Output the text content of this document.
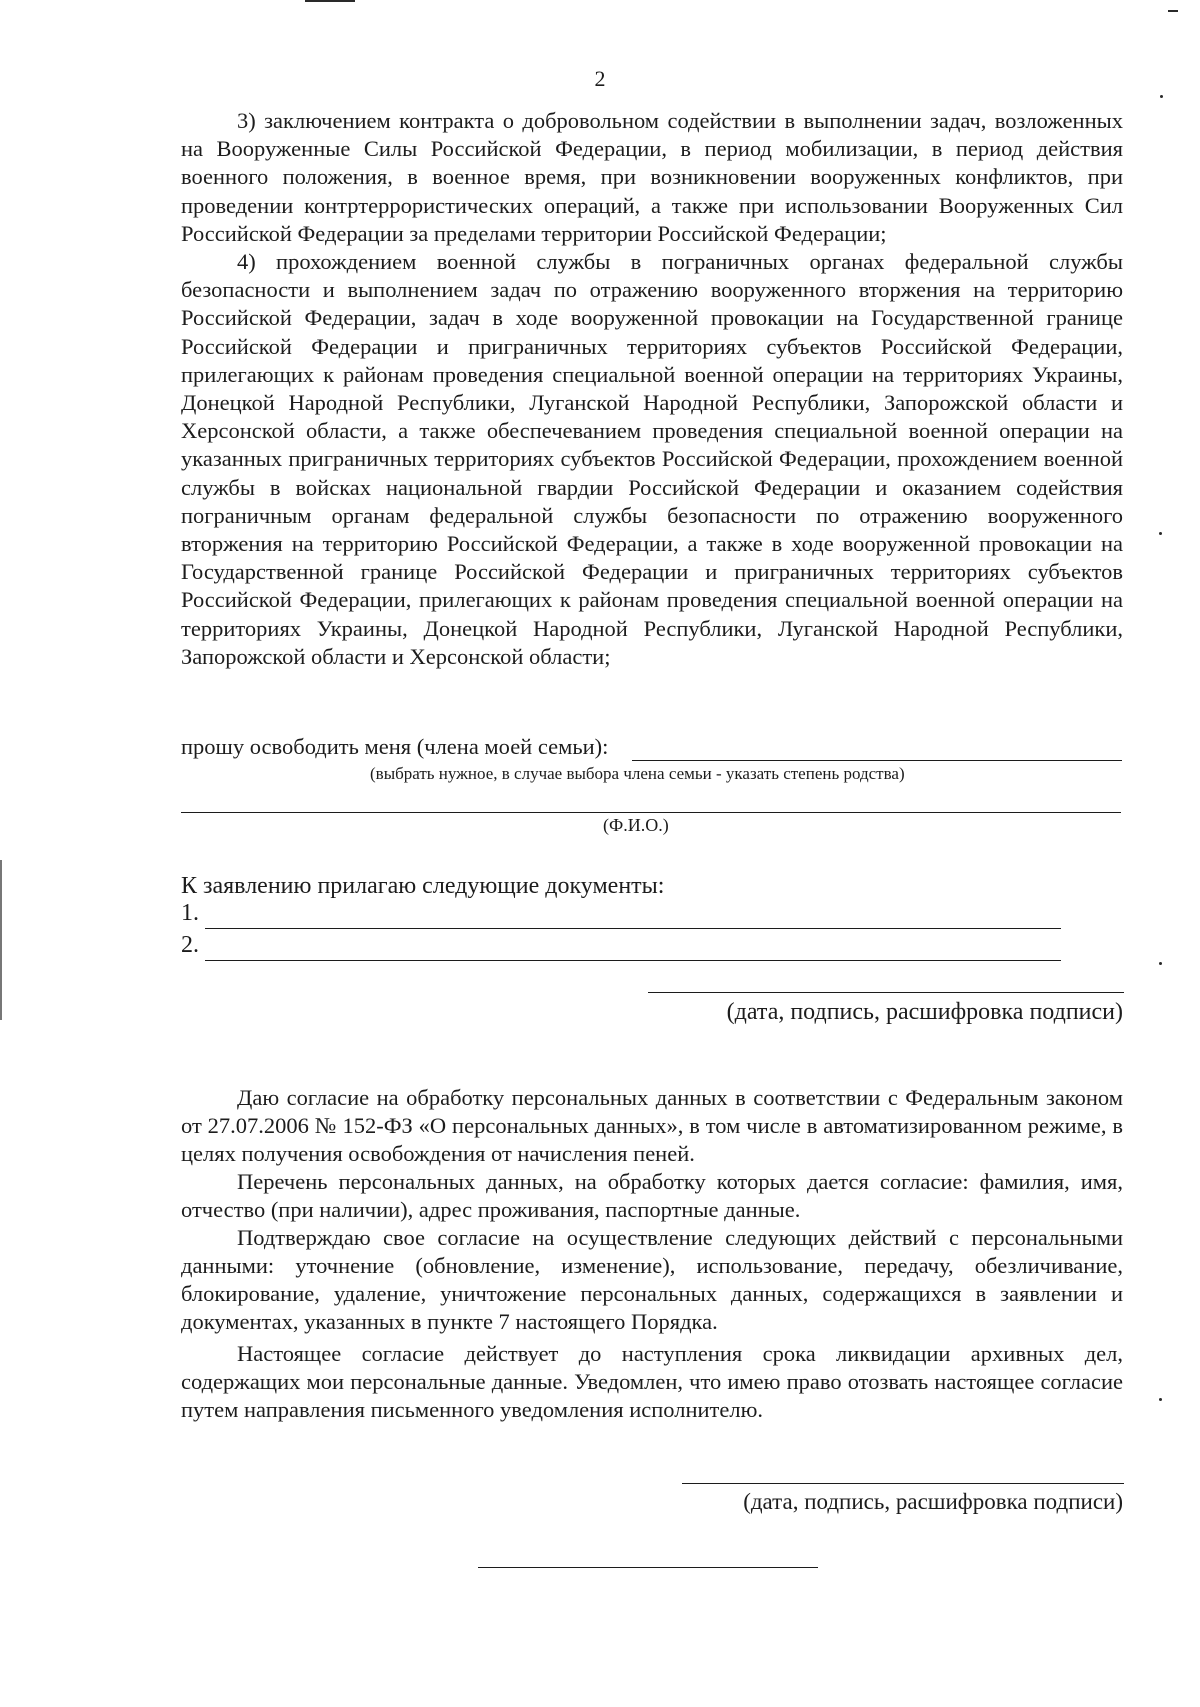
2

3) заключением контракта о добровольном содействии в выполнении задач, возложенных на Вооруженные Силы Российской Федерации, в период мобилизации, в период действия военного положения, в военное время, при возникновении вооруженных конфликтов, при проведении контртеррористических операций, а также при использовании Вооруженных Сил Российской Федерации за пределами территории Российской Федерации;

4) прохождением военной службы в пограничных органах федеральной службы безопасности и выполнением задач по отражению вооруженного вторжения на территорию Российской Федерации, задач в ходе вооруженной провокации на Государственной границе Российской Федерации и приграничных территориях субъектов Российской Федерации, прилегающих к районам проведения специальной военной операции на территориях Украины, Донецкой Народной Республики, Луганской Народной Республики, Запорожской области и Херсонской области, а также обеспечеванием проведения специальной военной операции на указанных приграничных территориях субъектов Российской Федерации, прохождением военной службы в войсках национальной гвардии Российской Федерации и оказанием содействия пограничным органам федеральной службы безопасности по отражению вооруженного вторжения на территорию Российской Федерации, а также в ходе вооруженной провокации на Государственной границе Российской Федерации и приграничных территориях субъектов Российской Федерации, прилегающих к районам проведения специальной военной операции на территориях Украины, Донецкой Народной Республики, Луганской Народной Республики, Запорожской области и Херсонской области;

прошу освободить меня (члена моей семьи):
(выбрать нужное, в случае выбора члена семьи - указать степень родства)
(Ф.И.О.)
К заявлению прилагаю следующие документы:
1.
2.
(дата, подпись, расшифровка подписи)

Даю согласие на обработку персональных данных в соответствии с Федеральным законом от 27.07.2006 № 152-ФЗ «О персональных данных», в том числе в автоматизированном режиме, в целях получения освобождения от начисления пеней.

Перечень персональных данных, на обработку которых дается согласие: фамилия, имя, отчество (при наличии), адрес проживания, паспортные данные.

Подтверждаю свое согласие на осуществление следующих действий с персональными данными: уточнение (обновление, изменение), использование, передачу, обезличивание, блокирование, удаление, уничтожение персональных данных, содержащихся в заявлении и документах, указанных в пункте 7 настоящего Порядка.

Настоящее согласие действует до наступления срока ликвидации архивных дел, содержащих мои персональные данные. Уведомлен, что имею право отозвать настоящее согласие путем направления письменного уведомления исполнителю.

(дата, подпись, расшифровка подписи)
